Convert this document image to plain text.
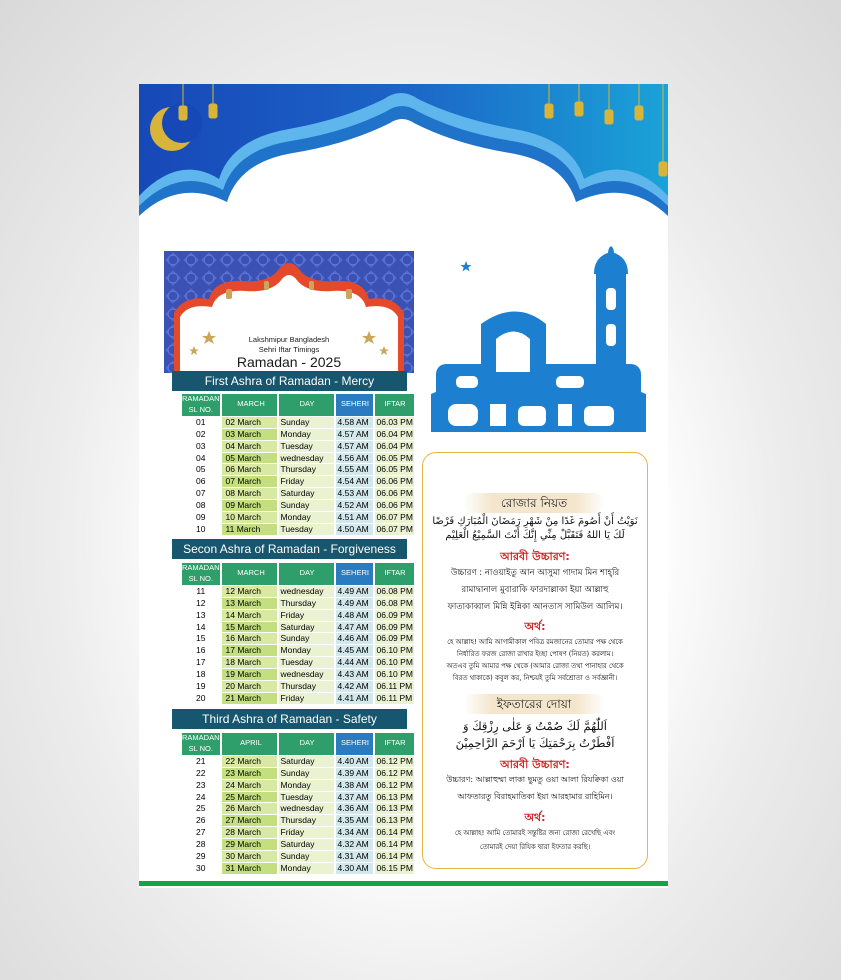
Lakshmipur Bangladesh
Sehri Iftar Timings
Ramadan - 2025
First Ashra of Ramadan - Mercy
Secon Ashra of Ramadan - Forgiveness
Third Ashra of Ramadan - Safety
RAMADAN SL NO.	MARCH	DAY	SEHERI	IFTAR
01	02 March	Sunday	4.58 AM	06.03 PM
02	03 March	Monday	4.57 AM	06.04 PM
03	04 March	Tuesday	4.57 AM	06.04 PM
04	05 March	wednesday	4.56 AM	06.05 PM
05	06 March	Thursday	4.55 AM	06.05 PM
06	07 March	Friday	4.54 AM	06.06 PM
07	08 March	Saturday	4.53 AM	06.06 PM
08	09 March	Sunday	4.52 AM	06.06 PM
09	10 March	Monday	4.51 AM	06.07 PM
10	11 March	Tuesday	4.50 AM	06.07 PM
RAMADAN SL NO.	MARCH	DAY	SEHERI	IFTAR
11	12 March	wednesday	4.49 AM	06.08 PM
12	13 March	Thursday	4.49 AM	06.08 PM
13	14 March	Friday	4.48 AM	06.09 PM
14	15 March	Saturday	4.47 AM	06.09 PM
15	16 March	Sunday	4.46 AM	06.09 PM
16	17 March	Monday	4.45 AM	06.10 PM
17	18 March	Tuesday	4.44 AM	06.10 PM
18	19 March	wednesday	4.43 AM	06.10 PM
19	20 March	Thursday	4.42 AM	06.11 PM
20	21 March	Friday	4.41 AM	06.11 PM
RAMADAN SL NO.	APRIL	DAY	SEHERI	IFTAR
21	22 March	Saturday	4.40 AM	06.12 PM
22	23 March	Sunday	4.39 AM	06.12 PM
23	24 March	Monday	4.38 AM	06.12 PM
24	25 March	Tuesday	4.37 AM	06.13 PM
25	26 March	wednesday	4.36 AM	06.13 PM
26	27 March	Thursday	4.35 AM	06.13 PM
27	28 March	Friday	4.34 AM	06.14 PM
28	29 March	Saturday	4.32 AM	06.14 PM
29	30 March	Sunday	4.31 AM	06.14 PM
30	31 March	Monday	4.30 AM	06.15 PM
রোজার নিয়ত
نَوَيْتُ أَنْ أَصُومَ غَدًا مِنْ شَهْرِ رَمَضَانَ الْمُبَارَكِ فَرْضًا
لَكَ يَا اللهُ فَتَقَبَّلْ مِنِّي إِنَّكَ أَنْتَ السَّمِيْعُ الْعَلِيْم
আরবী উচ্চারণ:
উচ্চারণ : নাওয়াইতু আন আসুমা গাদাম মিন শাহ্‌রি
রামাদ্বানাল মুবারাকি ফারদাল্লাকা ইয়া আল্লাহু
ফাতাকাব্বাল মিন্নি ইন্নিকা আনতাস সামিউল আলিম।
অর্থ:
হে আল্লাহ! আমি আগামীকাল পবিত্র রমজানের তোমার পক্ষ থেকে
নির্ধারিত ফরজ রোজা রাখার ইচ্ছা পোষণ (নিয়ত) করলাম।
অতএব তুমি আমার পক্ষ থেকে (আমার রোজা তথা পানাহার থেকে
বিরত থাকাকে) কবুল কর, নিশ্চয়ই তুমি সর্বশ্রোতা ও সর্বজ্ঞানী।
ইফতারের দোয়া
اَللّٰهُمَّ لَكَ صُمْتُ وَ عَلٰى رِزْقِكَ وَ
اَفْطَرْتُ بِرَحْمَتِكَ يَا اَرْحَمَ الرَّاحِمِيْنَ
আরবী উচ্চারণ:
উচ্চারণ: আল্লাহুম্মা লাকা ছুমতু ওয়া আলা রিযক্বিকা ওয়া
আফতারতু বিরাহমাতিকা ইয়া আরহামার রাহিমিন।
অর্থ:
হে আল্লাহ! আমি তোমারই সন্তুষ্টির জন্য রোজা রেখেছি এবং
তোমারই দেয়া রিযিক দ্বারা ইফতার করছি।
